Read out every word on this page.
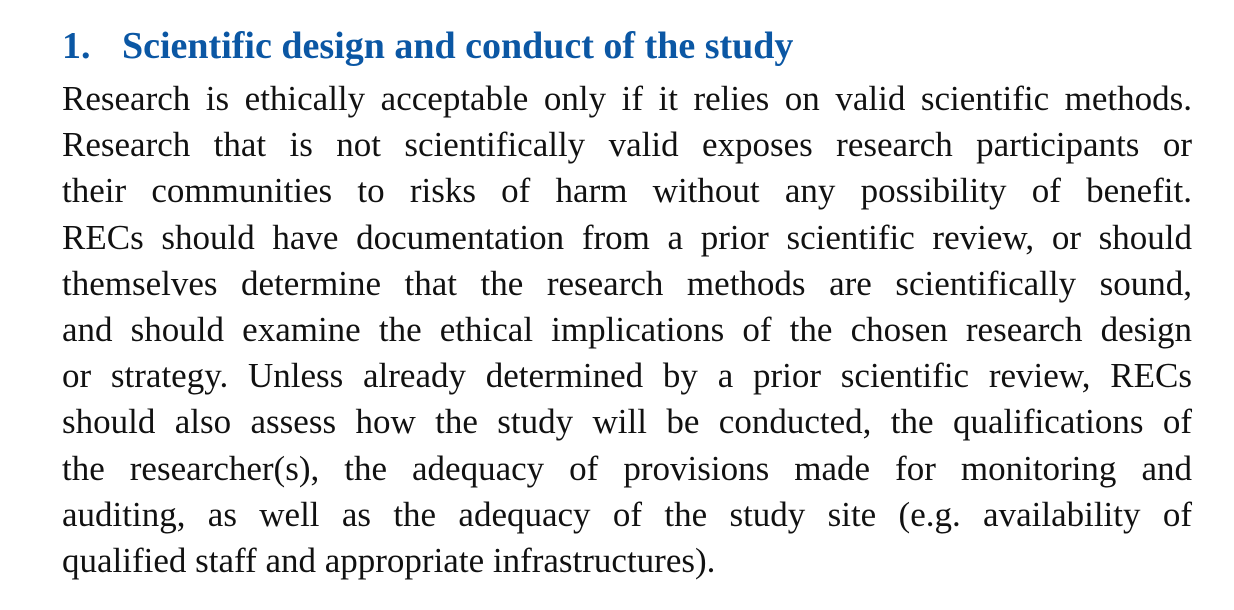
1. Scientific design and conduct of the study
Research is ethically acceptable only if it relies on valid scientific methods.
Research that is not scientifically valid exposes research participants or
their communities to risks of harm without any possibility of benefit.
RECs should have documentation from a prior scientific review, or should
themselves determine that the research methods are scientifically sound,
and should examine the ethical implications of the chosen research design
or strategy. Unless already determined by a prior scientific review, RECs
should also assess how the study will be conducted, the qualifications of
the researcher(s), the adequacy of provisions made for monitoring and
auditing, as well as the adequacy of the study site (e.g. availability of
qualified staff and appropriate infrastructures).
